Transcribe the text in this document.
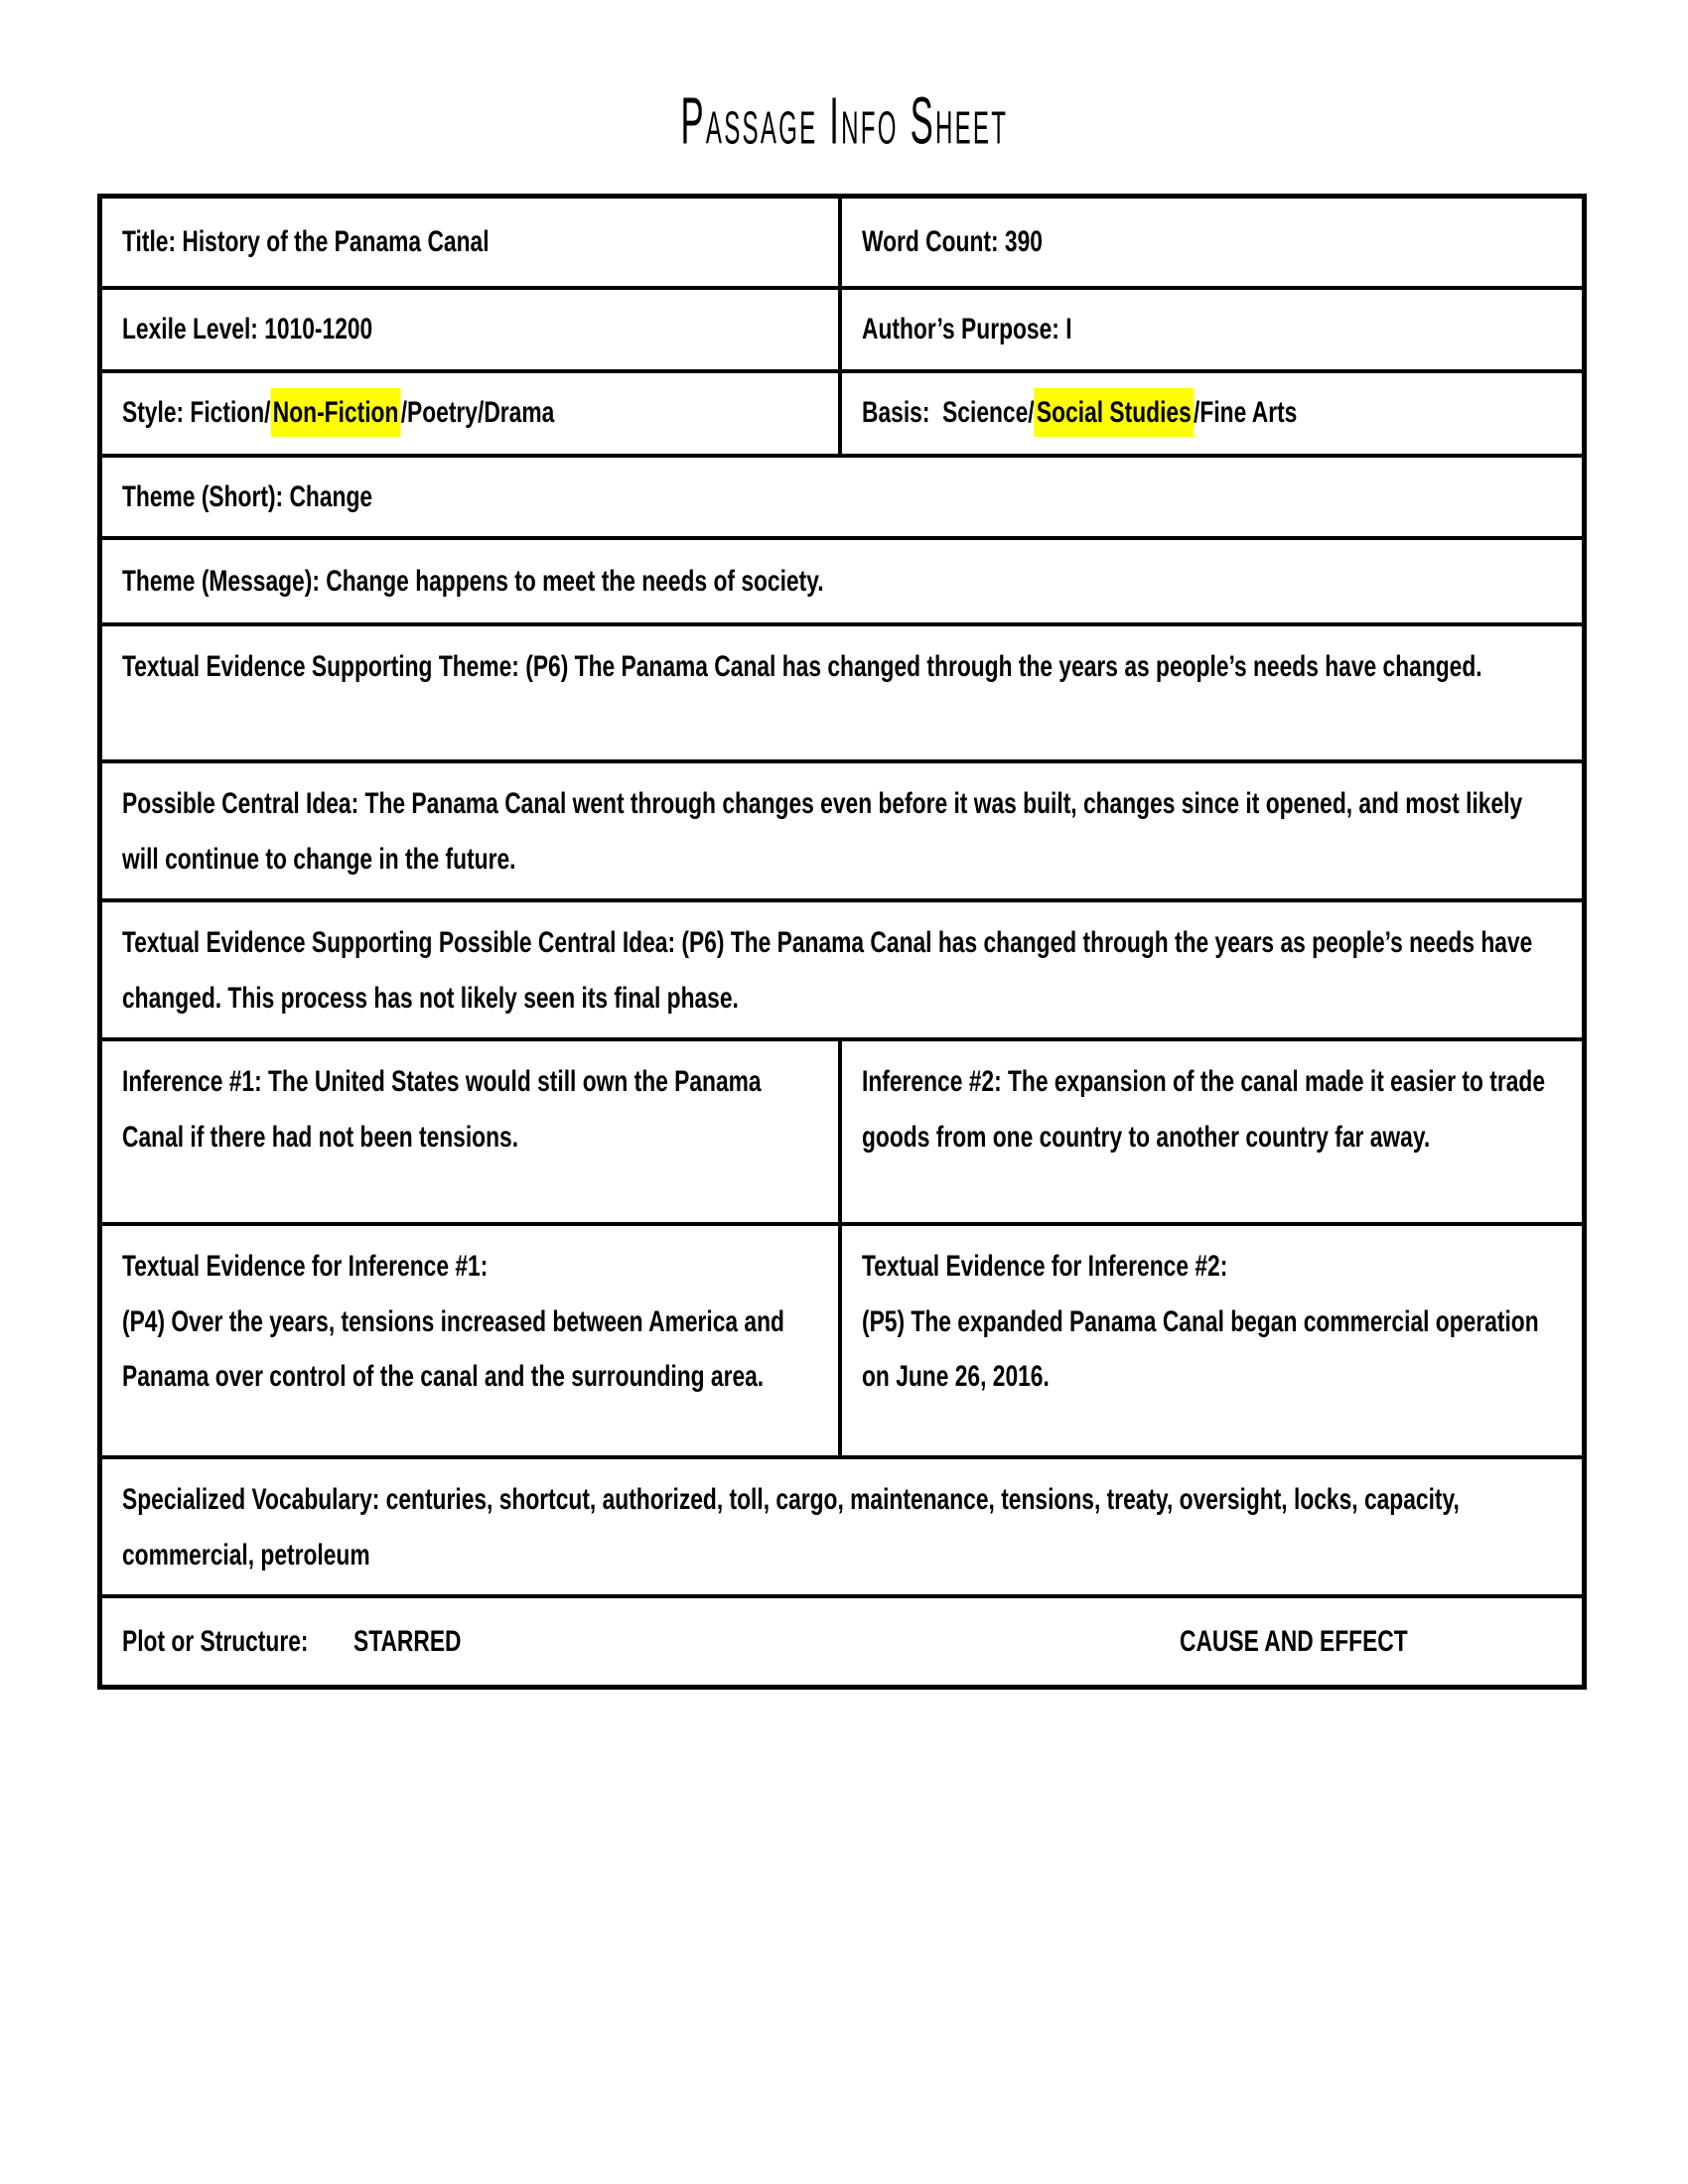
Passage Info Sheet
Title: History of the Panama Canal	Word Count: 390
Lexile Level: 1010-1200	Author’s Purpose: I
Style: Fiction/Non-Fiction/Poetry/Drama	Basis:  Science/Social Studies/Fine Arts
Theme (Short): Change
Theme (Message): Change happens to meet the needs of society.
Textual Evidence Supporting Theme: (P6) The Panama Canal has changed through the years as people’s needs have changed.
Possible Central Idea: The Panama Canal went through changes even before it was built, changes since it opened, and most likely will continue to change in the future.
Textual Evidence Supporting Possible Central Idea: (P6) The Panama Canal has changed through the years as people’s needs have changed. This process has not likely seen its final phase.
Inference #1: The United States would still own the Panama Canal if there had not been tensions.
Inference #2: The expansion of the canal made it easier to trade goods from one country to another country far away.
Textual Evidence for Inference #1:
(P4) Over the years, tensions increased between America and Panama over control of the canal and the surrounding area.
Textual Evidence for Inference #2:
(P5) The expanded Panama Canal began commercial operation on June 26, 2016.
Specialized Vocabulary: centuries, shortcut, authorized, toll, cargo, maintenance, tensions, treaty, oversight, locks, capacity, commercial, petroleum
Plot or Structure: STARRED	CAUSE AND EFFECT
